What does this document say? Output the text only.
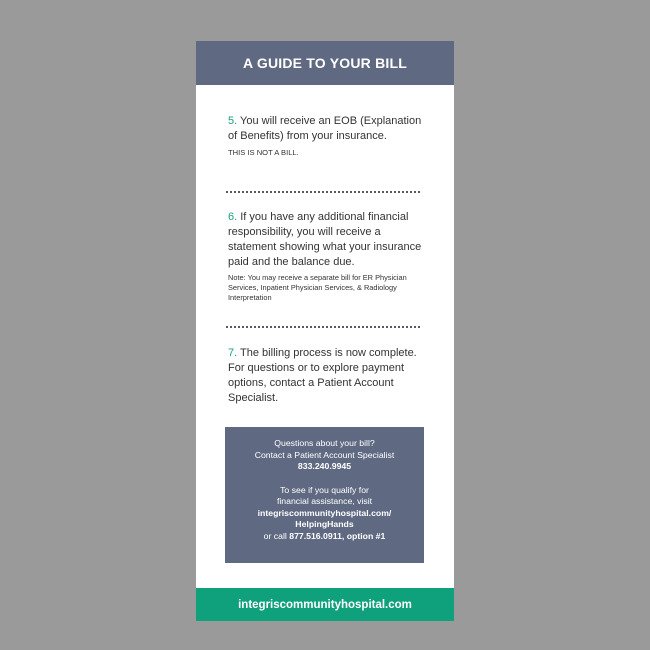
A GUIDE TO YOUR BILL
5. You will receive an EOB (Explanation of Benefits) from your insurance.
THIS IS NOT A BILL.
6. If you have any additional financial responsibility, you will receive a statement showing what your insurance paid and the balance due.
Note: You may receive a separate bill for ER Physician Services, Inpatient Physician Services, & Radiology Interpretation
7. The billing process is now complete. For questions or to explore payment options, contact a Patient Account Specialist.
Questions about your bill?
Contact a Patient Account Specialist
833.240.9945
To see if you qualify for
financial assistance, visit
integriscommunityhospital.com/
HelpingHands
or call 877.516.0911, option #1
integriscommunityhospital.com
